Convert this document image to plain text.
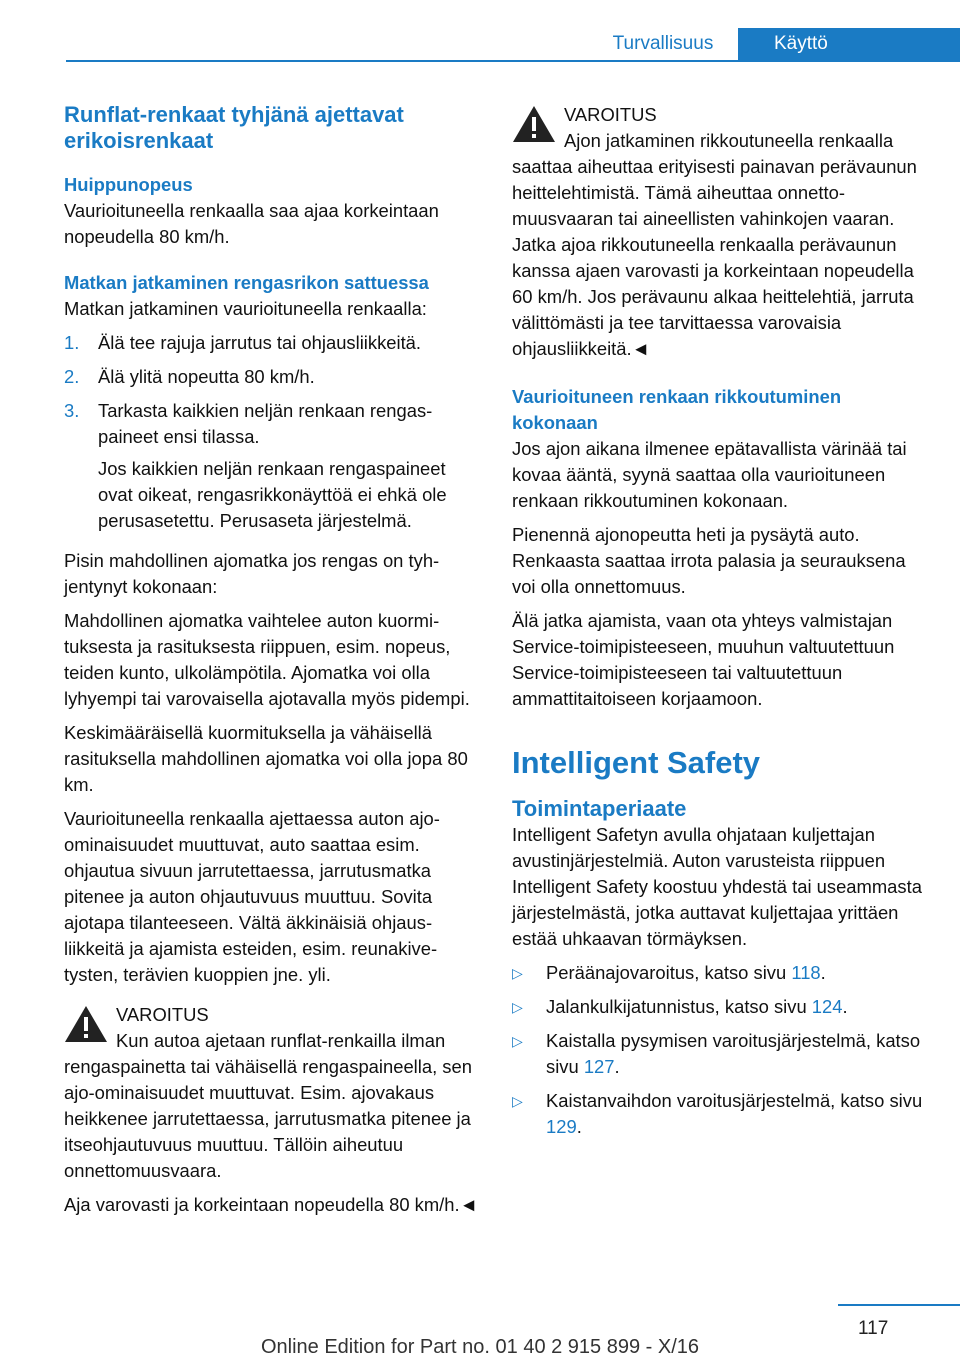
Turvallisuus	Käyttö
Runflat-renkaat tyhjänä ajettavat erikoisrenkaat
Huippunopeus

Vaurioituneella renkaalla saa ajaa korkeintaan nopeudella 80 km/h.

Matkan jatkaminen rengasrikon sattuessa

Matkan jatkaminen vaurioituneella renkaalla:

1.	Älä tee rajuja jarrutus tai ohjausliikkeitä.
2.	Älä ylitä nopeutta 80 km/h.
3.	Tarkasta kaikkien neljän renkaan rengaspaineet ensi tilassa.

Jos kaikkien neljän renkaan rengaspaineet ovat oikeat, rengasrikkonäyttöä ei ehkä ole perusasetettu. Perusaseta järjestelmä.

Pisin mahdollinen ajomatka jos rengas on tyhjentynyt kokonaan:

Mahdollinen ajomatka vaihtelee auton kuormituksesta ja rasituksesta riippuen, esim. nopeus, teiden kunto, ulkolämpötila. Ajomatka voi olla lyhyempi tai varovaisella ajotavalla myös pidempi.

Keskimääräisellä kuormituksella ja vähäisellä rasituksella mahdollinen ajomatka voi olla jopa 80 km.

Vaurioituneella renkaalla ajettaessa auton ajo-ominaisuudet muuttuvat, auto saattaa esim. ohjautua sivuun jarrutettaessa, jarrutusmatka pitenee ja auton ohjautuvuus muuttuu. Sovita ajotapa tilanteeseen. Vältä äkkinäisiä ohjausliikkeitä ja ajamista esteiden, esim. reunakivetysten, terävien kuoppien jne. yli.

VAROITUS
Kun autoa ajetaan runflat-renkailla ilman rengaspainetta tai vähäisellä rengaspaineella, sen ajo-ominaisuudet muuttuvat. Esim. ajovakaus heikkenee jarrutettaessa, jarrutusmatka pitenee ja itseohjautuvuus muuttuu. Tällöin aiheutuu onnettomuusvaara.

Aja varovasti ja korkeintaan nopeudella 80 km/h.◄

VAROITUS
Ajon jatkaminen rikkoutuneella renkaalla saattaa aiheuttaa erityisesti painavan perävaunun heittelehtimistä. Tämä aiheuttaa onnettomuusvaaran tai aineellisten vahinkojen vaaran. Jatka ajoa rikkoutuneella renkaalla perävaunun kanssa ajaen varovasti ja korkeintaan nopeudella 60 km/h. Jos perävaunu alkaa heittelehtiä, jarruta välittömästi ja tee tarvittaessa varovaisia ohjausliikkeitä.◄
Vaurioituneen renkaan rikkoutuminen kokonaan

Jos ajon aikana ilmenee epätavallista värinää tai kovaa ääntä, syynä saattaa olla vaurioituneen renkaan rikkoutuminen kokonaan.

Pienennä ajonopeutta heti ja pysäytä auto. Renkaasta saattaa irrota palasia ja seurauksena voi olla onnettomuus.

Älä jatka ajamista, vaan ota yhteys valmistajan Service-toimipisteeseen, muuhun valtuutettuun Service-toimipisteeseen tai valtuutettuun ammattitaitoiseen korjaamoon.

Intelligent Safety
Toimintaperiaate

Intelligent Safetyn avulla ohjataan kuljettajan avustinjärjestelmiä. Auton varusteista riippuen Intelligent Safety koostuu yhdestä tai useammasta järjestelmästä, jotka auttavat kuljettajaa yrittäen estää uhkaavan törmäyksen.

▷	Peräänajovaroitus, katso sivu 118.
▷	Jalankulkijatunnistus, katso sivu 124.
▷	Kaistalla pysymisen varoitusjärjestelmä, katso sivu 127.
▷	Kaistanvaihdon varoitusjärjestelmä, katso sivu 129.
117
Online Edition for Part no. 01 40 2 915 899 - X/16
